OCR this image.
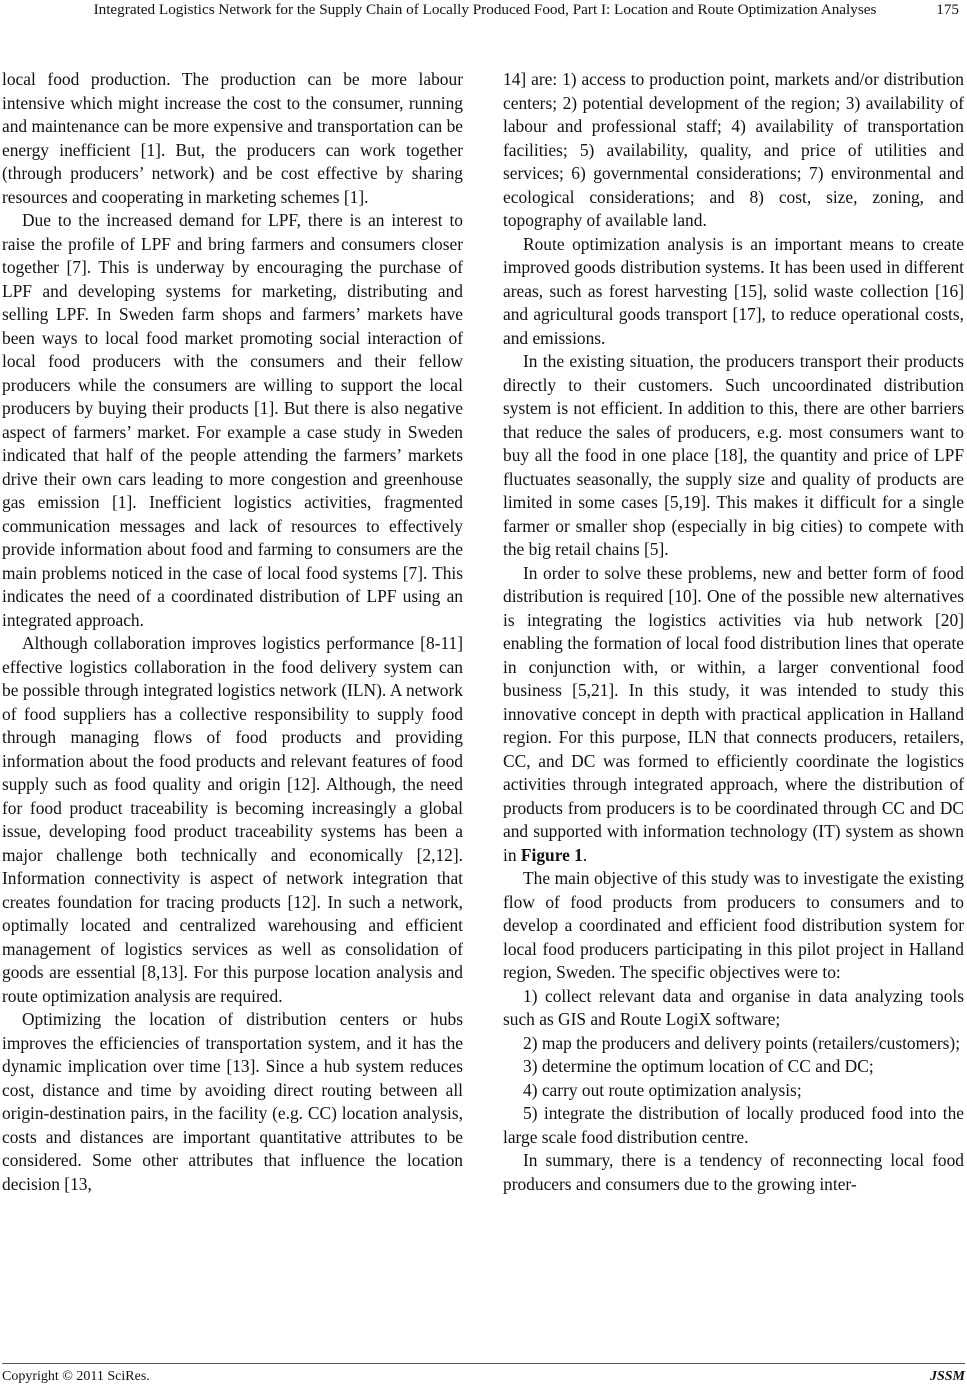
Integrated Logistics Network for the Supply Chain of Locally Produced Food, Part I: Location and Route Optimization Analyses	175

local food production. The production can be more labour intensive which might increase the cost to the consumer, running and maintenance can be more expensive and transportation can be energy inefficient [1]. But, the producers can work together (through producers’ network) and be cost effective by sharing resources and cooperating in marketing schemes [1].

Due to the increased demand for LPF, there is an interest to raise the profile of LPF and bring farmers and consumers closer together [7]. This is underway by encouraging the purchase of LPF and developing systems for marketing, distributing and selling LPF. In Sweden farm shops and farmers’ markets have been ways to local food market promoting social interaction of local food producers with the consumers and their fellow producers while the consumers are willing to support the local producers by buying their products [1]. But there is also negative aspect of farmers’ market. For example a case study in Sweden indicated that half of the people attending the farmers’ markets drive their own cars leading to more congestion and greenhouse gas emission [1]. Inefficient logistics activities, fragmented communication messages and lack of resources to effectively provide information about food and farming to consumers are the main problems noticed in the case of local food systems [7]. This indicates the need of a coordinated distribution of LPF using an integrated approach.

Although collaboration improves logistics performance [8-11] effective logistics collaboration in the food delivery system can be possible through integrated logistics network (ILN). A network of food suppliers has a collective responsibility to supply food through managing flows of food products and providing information about the food products and relevant features of food supply such as food quality and origin [12]. Although, the need for food product traceability is becoming increasingly a global issue, developing food product traceability systems has been a major challenge both technically and economically [2,12]. Information connectivity is aspect of network integration that creates foundation for tracing products [12]. In such a network, optimally located and centralized warehousing and efficient management of logistics services as well as consolidation of goods are essential [8,13]. For this purpose location analysis and route optimization analysis are required.

Optimizing the location of distribution centers or hubs improves the efficiencies of transportation system, and it has the dynamic implication over time [13]. Since a hub system reduces cost, distance and time by avoiding direct routing between all origin-destination pairs, in the facility (e.g. CC) location analysis, costs and distances are important quantitative attributes to be considered. Some other attributes that influence the location decision [13,

14] are: 1) access to production point, markets and/or distribution centers; 2) potential development of the region; 3) availability of labour and professional staff; 4) availability of transportation facilities; 5) availability, quality, and price of utilities and services; 6) governmental considerations; 7) environmental and ecological considerations; and 8) cost, size, zoning, and topography of available land.

Route optimization analysis is an important means to create improved goods distribution systems. It has been used in different areas, such as forest harvesting [15], solid waste collection [16] and agricultural goods transport [17], to reduce operational costs, and emissions.

In the existing situation, the producers transport their products directly to their customers. Such uncoordinated distribution system is not efficient. In addition to this, there are other barriers that reduce the sales of producers, e.g. most consumers want to buy all the food in one place [18], the quantity and price of LPF fluctuates seasonally, the supply size and quality of products are limited in some cases [5,19]. This makes it difficult for a single farmer or smaller shop (especially in big cities) to compete with the big retail chains [5].

In order to solve these problems, new and better form of food distribution is required [10]. One of the possible new alternatives is integrating the logistics activities via hub network [20] enabling the formation of local food distribution lines that operate in conjunction with, or within, a larger conventional food business [5,21]. In this study, it was intended to study this innovative concept in depth with practical application in Halland region. For this purpose, ILN that connects producers, retailers, CC, and DC was formed to efficiently coordinate the logistics activities through integrated approach, where the distribution of products from producers is to be coordinated through CC and DC and supported with information technology (IT) system as shown in Figure 1.

The main objective of this study was to investigate the existing flow of food products from producers to consumers and to develop a coordinated and efficient food distribution system for local food producers participating in this pilot project in Halland region, Sweden. The specific objectives were to:

1) collect relevant data and organise in data analyzing tools such as GIS and Route LogiX software;

2) map the producers and delivery points (retailers/customers);

3) determine the optimum location of CC and DC;

4) carry out route optimization analysis;

5) integrate the distribution of locally produced food into the large scale food distribution centre.

In summary, there is a tendency of reconnecting local food producers and consumers due to the growing inter-

Copyright © 2011 SciRes.	JSSM
